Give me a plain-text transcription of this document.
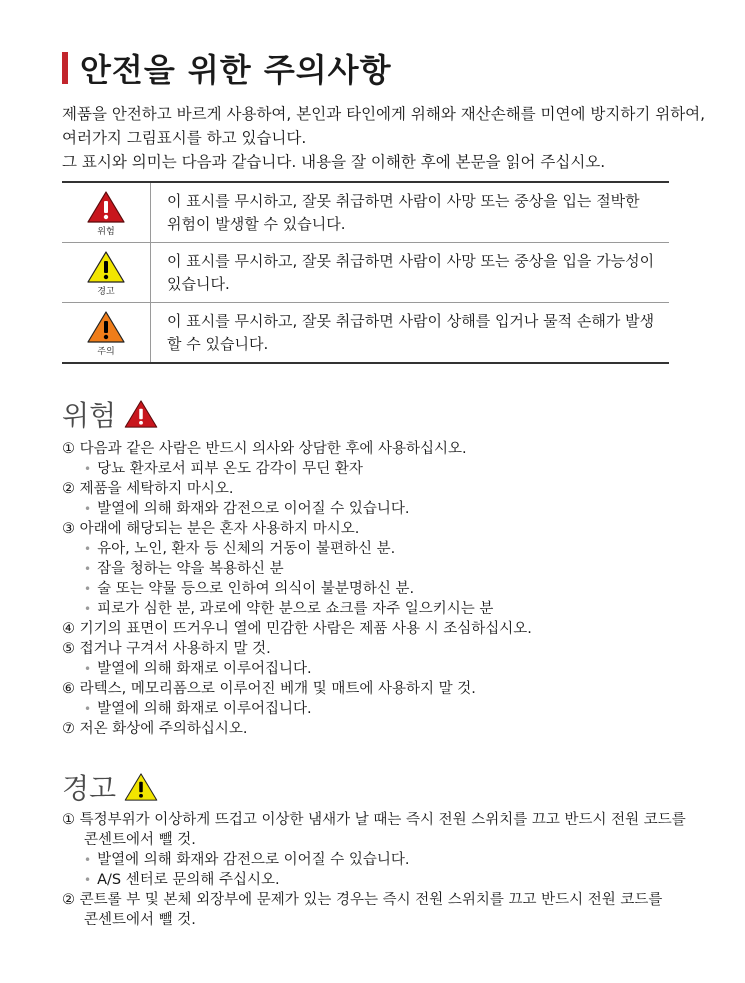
안전을 위한 주의사항
제품을 안전하고 바르게 사용하여, 본인과 타인에게 위해와 재산손해를 미연에 방지하기 위하여,
여러가지 그림표시를 하고 있습니다.
그 표시와 의미는 다음과 같습니다. 내용을 잘 이해한 후에 본문을 읽어 주십시오.
위험	이 표시를 무시하고, 잘못 취급하면 사람이 사망 또는 중상을 입는 절박한
위험이 발생할 수 있습니다.

경고	이 표시를 무시하고, 잘못 취급하면 사람이 사망 또는 중상을 입을 가능성이
있습니다.

주의	이 표시를 무시하고, 잘못 취급하면 사람이 상해를 입거나 물적 손해가 발생
할 수 있습니다.
위험
① 다음과 같은 사람은 반드시 의사와 상담한 후에 사용하십시오.
• 당뇨 환자로서 피부 온도 감각이 무딘 환자
② 제품을 세탁하지 마시오.
• 발열에 의해 화재와 감전으로 이어질 수 있습니다.
③ 아래에 해당되는 분은 혼자 사용하지 마시오.
• 유아, 노인, 환자 등 신체의 거동이 불편하신 분.
• 잠을 청하는 약을 복용하신 분
• 술 또는 약물 등으로 인하여 의식이 불분명하신 분.
• 피로가 심한 분, 과로에 약한 분으로 쇼크를 자주 일으키시는 분
④ 기기의 표면이 뜨거우니 열에 민감한 사람은 제품 사용 시 조심하십시오.
⑤ 접거나 구겨서 사용하지 말 것.
• 발열에 의해 화재로 이루어집니다.
⑥ 라텍스, 메모리폼으로 이루어진 베개 및 매트에 사용하지 말 것.
• 발열에 의해 화재로 이루어집니다.
⑦ 저온 화상에 주의하십시오.
경고
① 특정부위가 이상하게 뜨겁고 이상한 냄새가 날 때는 즉시 전원 스위치를 끄고 반드시 전원 코드를
콘센트에서 뺄 것.
• 발열에 의해 화재와 감전으로 이어질 수 있습니다.
• A/S 센터로 문의해 주십시오.
② 콘트롤 부 및 본체 외장부에 문제가 있는 경우는 즉시 전원 스위치를 끄고 반드시 전원 코드를
콘센트에서 뺄 것.
